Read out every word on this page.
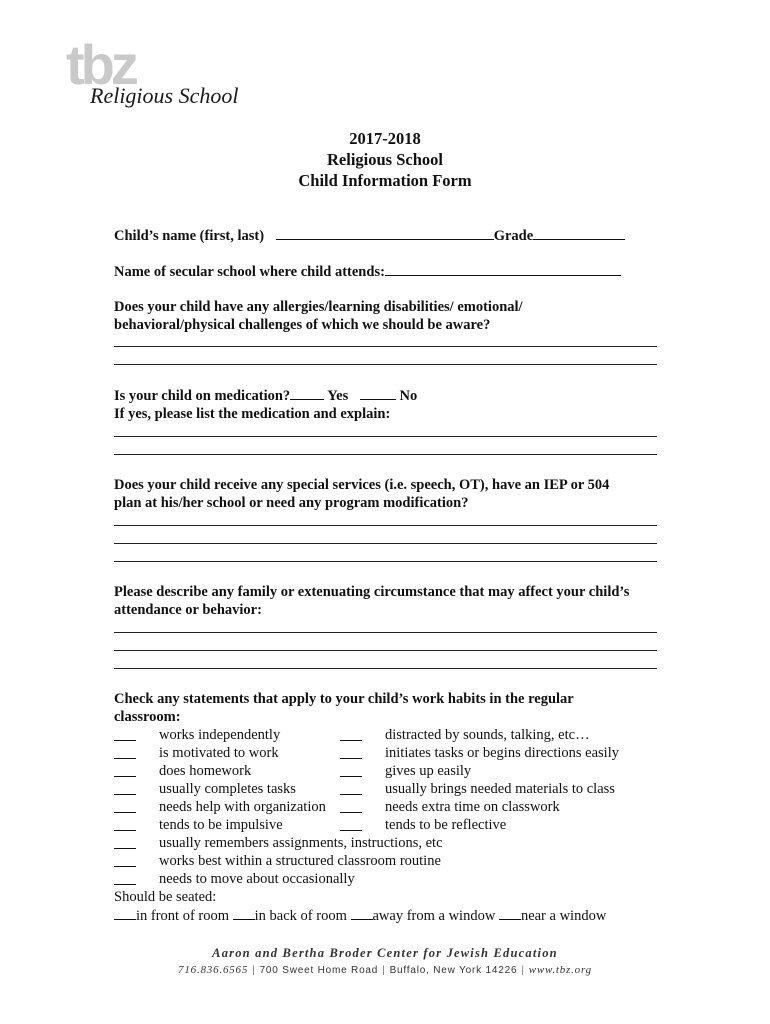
tbz
Religious School
2017-2018
Religious School
Child Information Form
Child’s name (first, last)	Grade
Name of secular school where child attends:
Does your child have any allergies/learning disabilities/ emotional/
behavioral/physical challenges of which we should be aware?
Is your child on medication?	Yes	No
If yes, please list the medication and explain:
Does your child receive any special services (i.e. speech, OT), have an IEP or 504
plan at his/her school or need any program modification?
Please describe any family or extenuating circumstance that may affect your child’s
attendance or behavior:
Check any statements that apply to your child’s work habits in the regular
classroom:
works independently	distracted by sounds, talking, etc…
is motivated to work	initiates tasks or begins directions easily
does homework	gives up easily
usually completes tasks	usually brings needed materials to class
needs help with organization	needs extra time on classwork
tends to be impulsive	tends to be reflective
usually remembers assignments, instructions, etc
works best within a structured classroom routine
needs to move about occasionally
Should be seated:
in front of room in back of room away from a window near a window
Aaron and Bertha Broder Center for Jewish Education
716.836.6565 | 700 Sweet Home Road | Buffalo, New York 14226 | www.tbz.org
